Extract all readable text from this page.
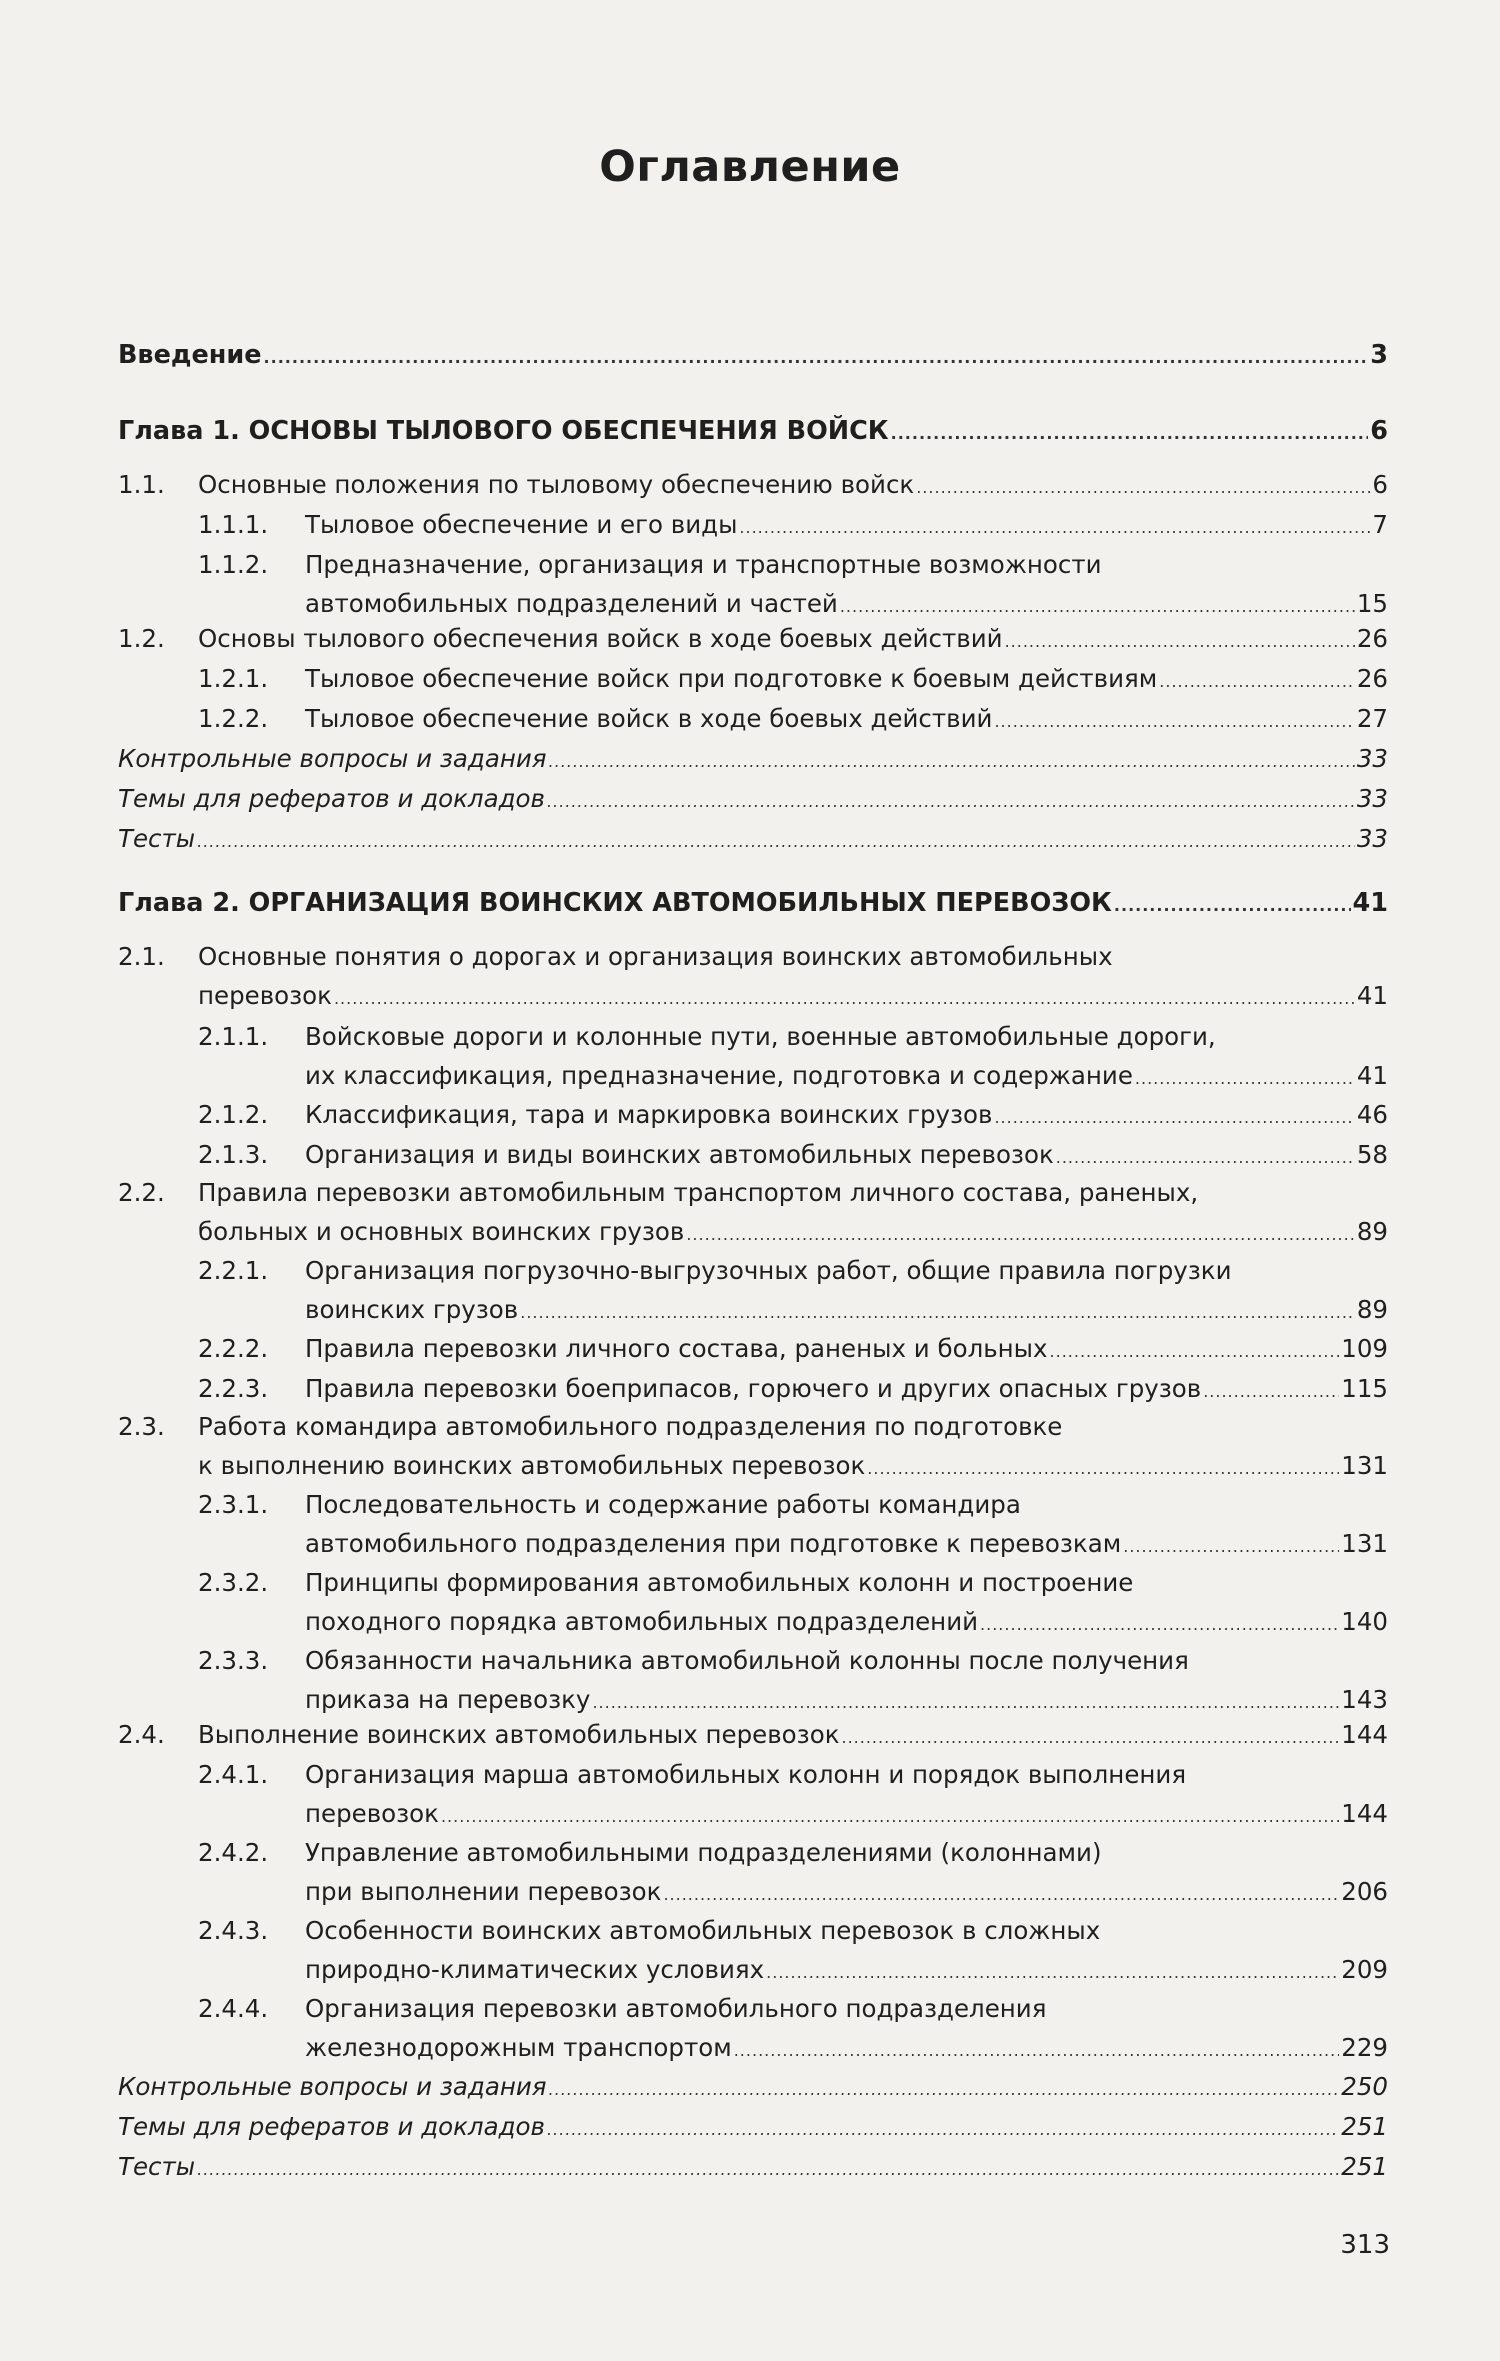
Оглавление
Введение .....	3
Глава 1. ОСНОВЫ ТЫЛОВОГО ОБЕСПЕЧЕНИЯ ВОЙСК .....	6
1.1. Основные положения по тыловому обеспечению войск .....	6
1.1.1. Тыловое обеспечение и его виды .....	7
1.1.2. Предназначение, организация и транспортные возможности
автомобильных подразделений и частей .....	15
1.2. Основы тылового обеспечения войск в ходе боевых действий .....	26
1.2.1. Тыловое обеспечение войск при подготовке к боевым действиям .....	26
1.2.2. Тыловое обеспечение войск в ходе боевых действий .....	27
Контрольные вопросы и задания .....	33
Темы для рефератов и докладов .....	33
Тесты .....	33
Глава 2. ОРГАНИЗАЦИЯ ВОИНСКИХ АВТОМОБИЛЬНЫХ ПЕРЕВОЗОК .....	41
2.1. Основные понятия о дорогах и организация воинских автомобильных
перевозок .....	41
2.1.1. Войсковые дороги и колонные пути, военные автомобильные дороги,
их классификация, предназначение, подготовка и содержание .....	41
2.1.2. Классификация, тара и маркировка воинских грузов .....	46
2.1.3. Организация и виды воинских автомобильных перевозок .....	58
2.2. Правила перевозки автомобильным транспортом личного состава, раненых,
больных и основных воинских грузов .....	89
2.2.1. Организация погрузочно-выгрузочных работ, общие правила погрузки
воинских грузов .....	89
2.2.2. Правила перевозки личного состава, раненых и больных .....	109
2.2.3. Правила перевозки боеприпасов, горючего и других опасных грузов .....	115
2.3. Работа командира автомобильного подразделения по подготовке
к выполнению воинских автомобильных перевозок .....	131
2.3.1. Последовательность и содержание работы командира
автомобильного подразделения при подготовке к перевозкам .....	131
2.3.2. Принципы формирования автомобильных колонн и построение
походного порядка автомобильных подразделений .....	140
2.3.3. Обязанности начальника автомобильной колонны после получения
приказа на перевозку .....	143
2.4. Выполнение воинских автомобильных перевозок .....	144
2.4.1. Организация марша автомобильных колонн и порядок выполнения
перевозок .....	144
2.4.2. Управление автомобильными подразделениями (колоннами)
при выполнении перевозок .....	206
2.4.3. Особенности воинских автомобильных перевозок в сложных
природно-климатических условиях .....	209
2.4.4. Организация перевозки автомобильного подразделения
железнодорожным транспортом .....	229
Контрольные вопросы и задания .....	250
Темы для рефератов и докладов .....	251
Тесты .....	251
313
